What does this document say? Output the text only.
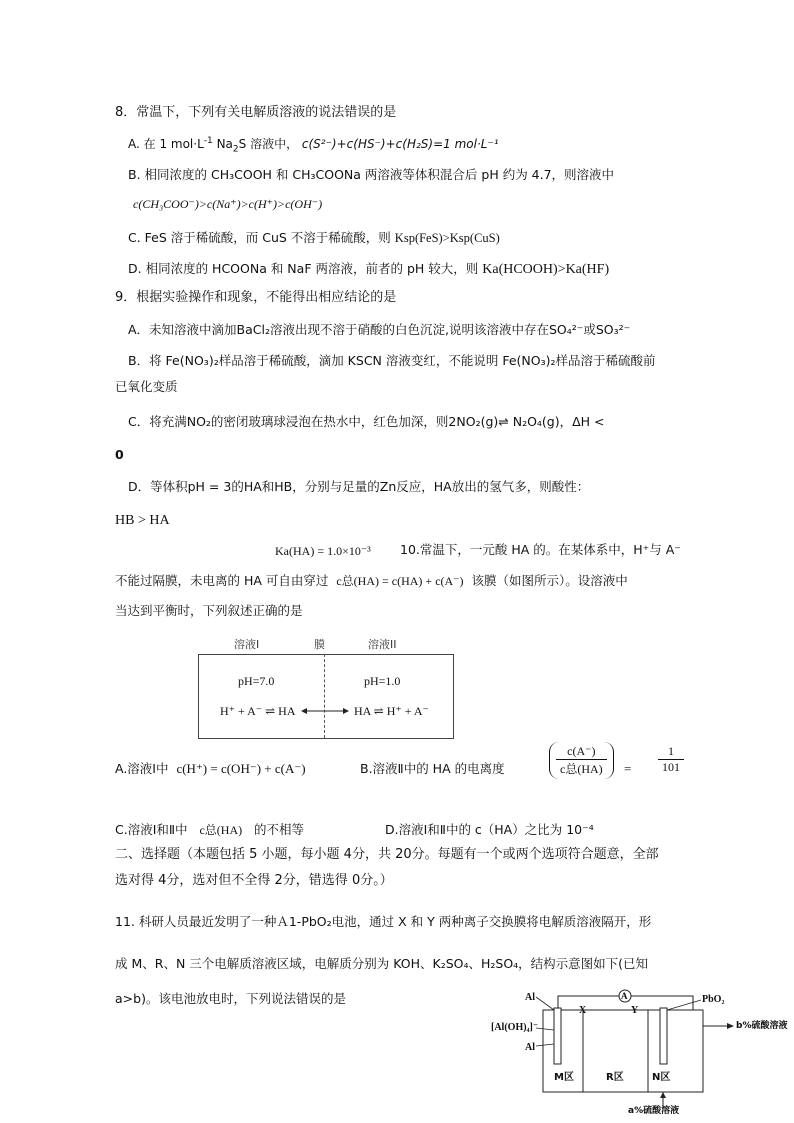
8．常温下，下列有关电解质溶液的说法错误的是
A. 在 1 $mol\cdot L^{-1}$ $Na_2S$ 溶液中， c(S²⁻)+c(HS⁻)+c(H₂S)=1 mol·L⁻¹
B. 相同浓度的 CH₃COOH 和 CH₃COONa 两溶液等体积混合后 pH 约为 4.7，则溶液中
c(CH₃COO⁻)>c(Na⁺)>c(H⁺)>c(OH⁻)
C. FeS 溶于稀硫酸，而 CuS 不溶于稀硫酸，则 Ksp(FeS)>Ksp(CuS)
D. 相同浓度的 HCOONa 和 NaF 两溶液，前者的 pH 较大，则 Ka(HCOOH)>Ka(HF)
9．根据实验操作和现象，不能得出相应结论的是
A．未知溶液中滴加BaCl₂溶液出现不溶于硝酸的白色沉淀,说明该溶液中存在SO₄²⁻或SO₃²⁻
B．将 Fe(NO₃)₂样品溶于稀硫酸，滴加 KSCN 溶液变红，不能说明 Fe(NO₃)₂样品溶于稀硫酸前
已氧化变质
C．将充满NO₂的密闭玻璃球浸泡在热水中，红色加深，则2NO₂(g)⇌ N₂O₄(g)，ΔH <
0
D．等体积pH = 3的HA和HB，分别与足量的Zn反应，HA放出的氢气多，则酸性：
HB > HA
Ka(HA) = 1.0×10⁻³ 10.常温下，一元酸 HA 的。在某体系中，H⁺与 A⁻
不能过隔膜，未电离的 HA 可自由穿过 c总(HA) = c(HA) + c(A⁻) 该膜（如图所示）。设溶液中
当达到平衡时，下列叙述正确的是
溶液I	膜	溶液II
pH=7.0	pH=1.0
H⁺ + A⁻ ⇌ HA	HA ⇌ H⁺ + A⁻
A.溶液Ⅰ中 c(H⁺) = c(OH⁻) + c(A⁻)	B.溶液Ⅱ中的 HA 的电离度	$\frac{c(A^-)}{\text{c总(HA)}} = \frac{1}{101}$
C.溶液Ⅰ和Ⅱ中 c总(HA) 的不相等	D.溶液Ⅰ和Ⅱ中的 c（HA）之比为 10⁻⁴
二、选择题（本题包括 5 小题，每小题 4分，共 20分。每题有一个或两个选项符合题意，全部
选对得 4分，选对但不全得 2分，错选得 0分。）
11. 科研人员最近发明了一种Ａ1-PbO₂电池，通过 X 和 Y 两种离子交换膜将电解质溶液隔开，形
成 M、R、N 三个电解质溶液区域，电解质分别为 KOH、K₂SO₄、H₂SO₄，结构示意图如下(已知
a>b)。该电池放电时，下列说法错误的是	Al
[Al(OH)₄]⁻
Al
X	Y
A	PbO₂
b%硫酸溶液
M区	R区	N区
a%硫酸溶液
